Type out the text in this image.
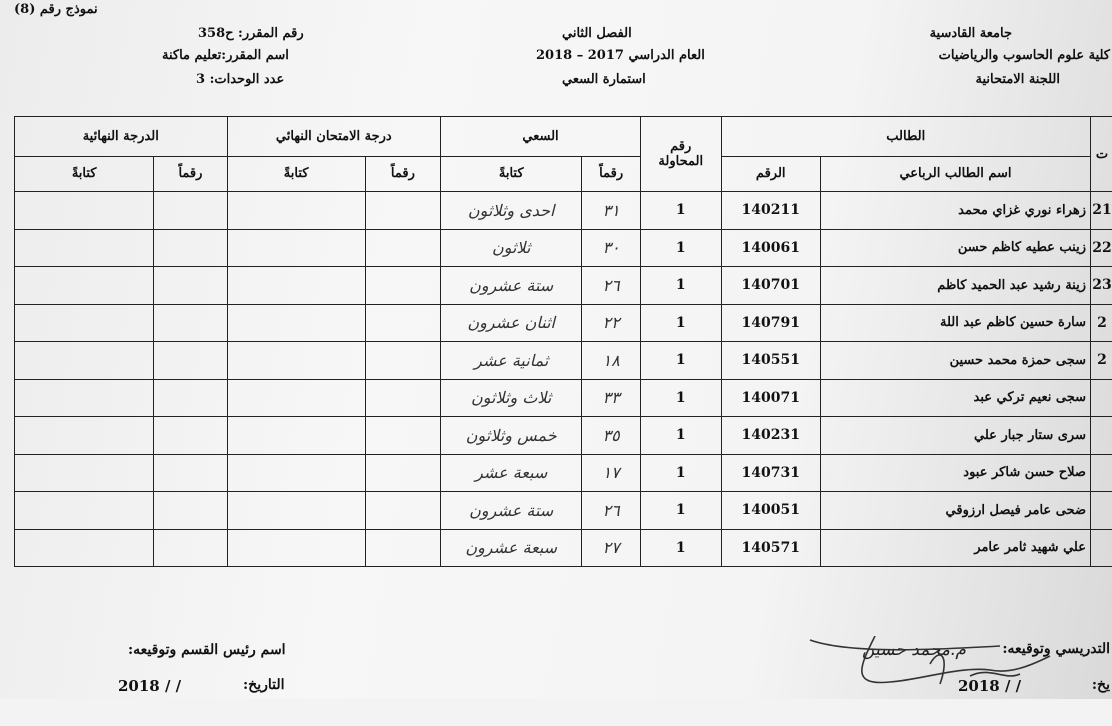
نموذج رقم (8)
جامعة القادسية
كلية علوم الحاسوب والرياضيات
اللجنة الامتحانية
الفصل الثاني
العام الدراسي 2017 – 2018
استمارة السعي
رقم المقرر: ح358
اسم المقرر:تعليم ماكنة
عدد الوحدات: 3
ت	الطالب		رقم
المحاولة	السعي		درجة الامتحان النهائي		الدرجة النهائية	
	اسم الطالب الرباعي	الرقم		رقماً	كتابةً	رقماً	كتابةً	رقماً	كتابةً
21	زهراء نوري غزاي محمد	140211	1	٣١	احدى وثلاثون				
22	زينب عطيه كاظم حسن	140061	1	٣٠	ثلاثون				
23	زينة رشيد عبد الحميد كاظم	140701	1	٢٦	ستة عشرون				
2	سارة حسين كاظم عبد اللة	140791	1	٢٢	اثنان عشرون				
2	سجى حمزة محمد حسين	140551	1	١٨	ثمانية عشر				
	سجى نعيم تركي عبد	140071	1	٣٣	ثلاث وثلاثون				
	سرى ستار جبار علي	140231	1	٣٥	خمس وثلاثون				
	صلاح حسن شاكر عبود	140731	1	١٧	سبعة عشر				
	ضحى عامر فيصل ارزوقي	140051	1	٢٦	ستة عشرون				
	علي شهيد ثامر عامر	140571	1	٢٧	سبعة عشرون				
التدريسي وتوقيعه:
م.محمد حسين
يخ:
2018 / /
اسم رئيس القسم وتوقيعه:
التاريخ:
2018 / /
